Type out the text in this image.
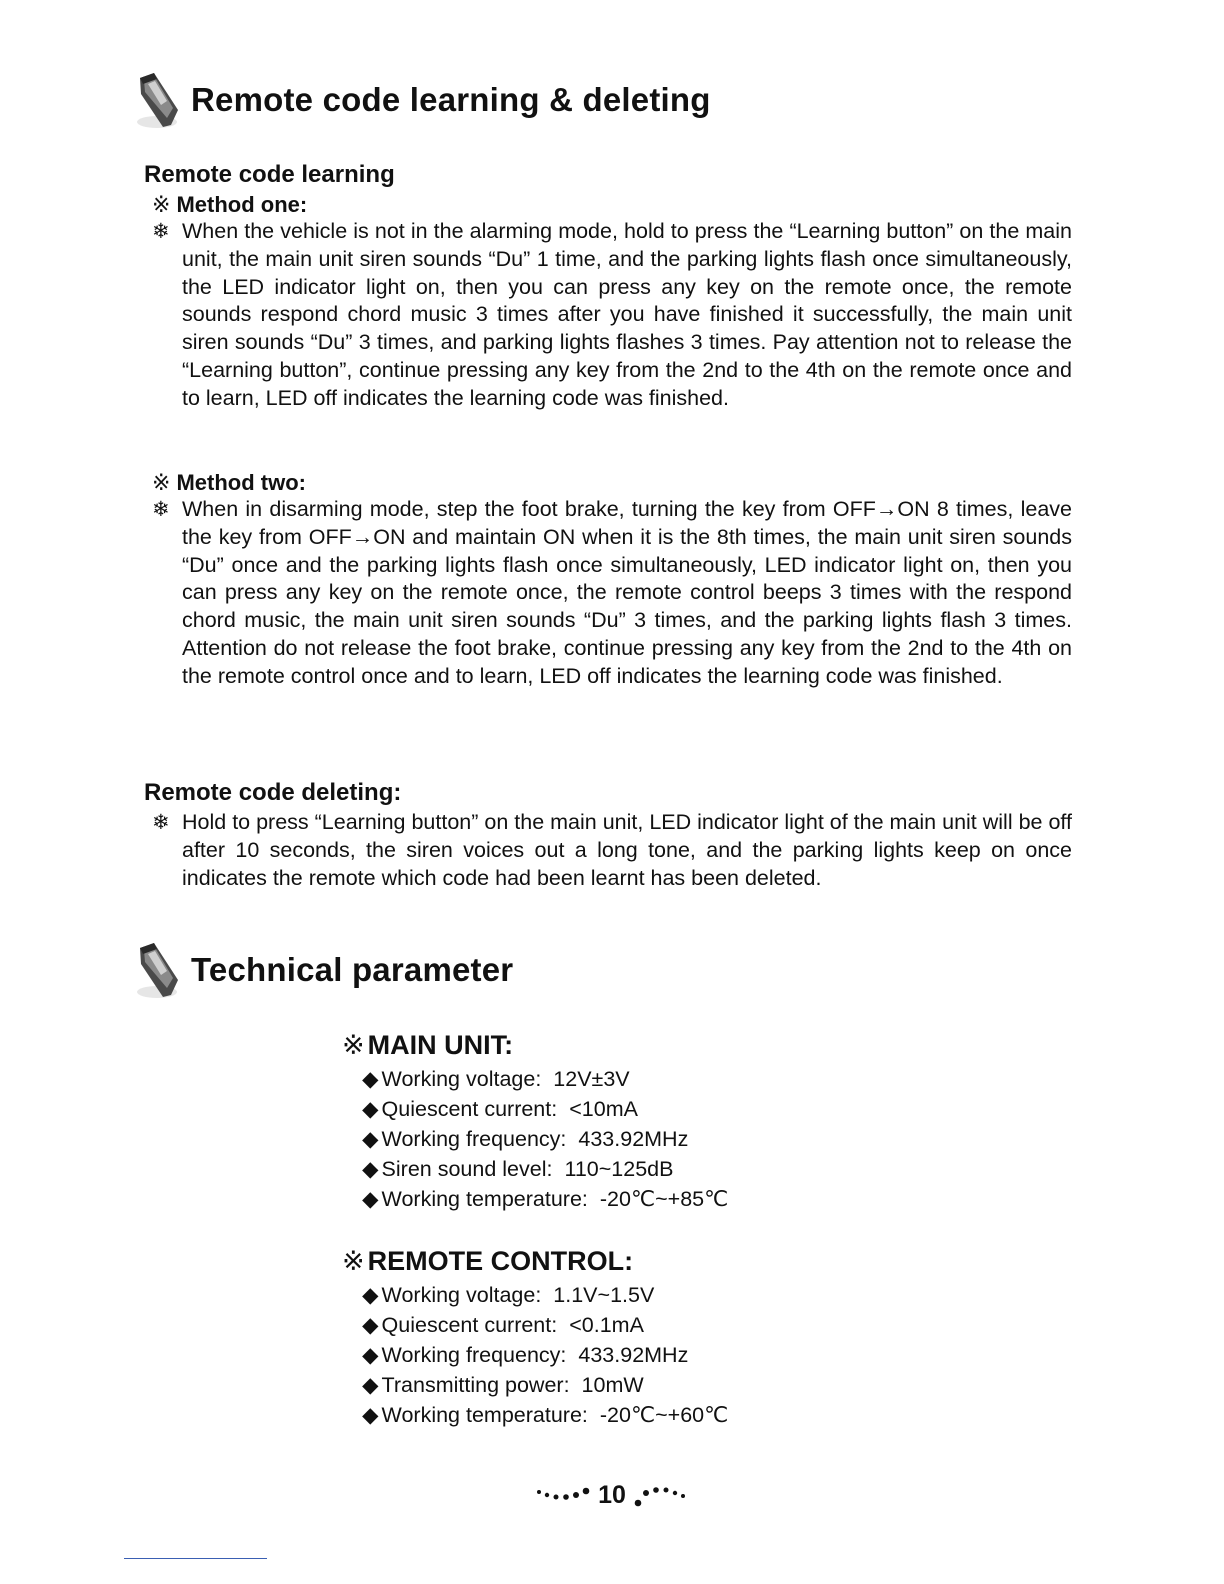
Remote code learning & deleting
Remote code learning
※ Method one:
❄ When the vehicle is not in the alarming mode, hold to press the “Learning button” on the main unit, the main unit siren sounds “Du” 1 time, and the parking lights flash once simultaneously, the LED indicator light on, then you can press any key on the remote once, the remote sounds respond chord music 3 times after you have finished it successfully, the main unit siren sounds “Du” 3 times, and parking lights flashes 3 times. Pay attention not to release the “Learning button”, continue pressing any key from the 2nd to the 4th on the remote once and to learn, LED off indicates the learning code was finished.
※ Method two:
❄ When in disarming mode, step the foot brake, turning the key from OFF→ON 8 times, leave the key from OFF→ON and maintain ON when it is the 8th times, the main unit siren sounds “Du” once and the parking lights flash once simultaneously, LED indicator light on, then you can press any key on the remote once, the remote control beeps 3 times with the respond chord music, the main unit siren sounds “Du” 3 times, and the parking lights flash 3 times. Attention do not release the foot brake, continue pressing any key from the 2nd to the 4th on the remote control once and to learn, LED off indicates the learning code was finished.
Remote code deleting:
❄ Hold to press “Learning button” on the main unit, LED indicator light of the main unit will be off after 10 seconds, the siren voices out a long tone, and the parking lights keep on once indicates the remote which code had been learnt has been deleted.
Technical parameter
※ MAIN UNIT:
◆ Working voltage: 12V±3V
◆ Quiescent current: <10mA
◆ Working frequency: 433.92MHz
◆ Siren sound level: 110~125dB
◆ Working temperature: -20℃~+85℃
※ REMOTE CONTROL:
◆ Working voltage: 1.1V~1.5V
◆ Quiescent current: <0.1mA
◆ Working frequency: 433.92MHz
◆ Transmitting power: 10mW
◆ Working temperature: -20℃~+60℃
10
